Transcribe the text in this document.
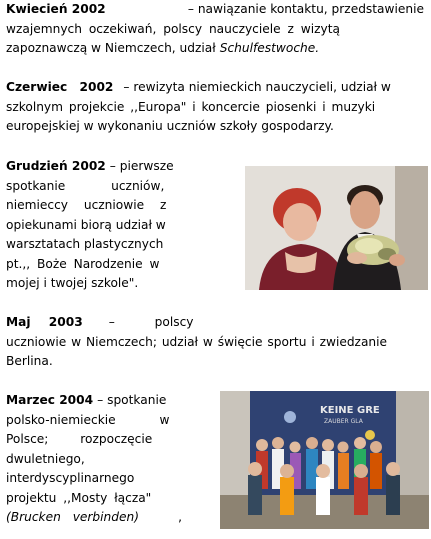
Kwiecień 2002	– nawiązanie kontaktu, przedstawienie
wzajemnych oczekiwań, polscy nauczyciele z wizytą
zapoznawczą w Niemczech, udział Schulfestwoche.
Czerwiec 2002 – rewizyta niemieckich nauczycieli, udział w
szkolnym projekcie ,,Europa" i koncercie piosenki i muzyki
europejskiej w wykonaniu uczniów szkoły gospodarzy.
Grudzień 2002 – pierwsze
spotkanie uczniów,
niemieccy uczniowie z
opiekunami biorą udział w
warsztatach plastycznych
pt.,, Boże Narodzenie w
mojej i twojej szkole".
Maj 2003 – polscy
uczniowie w Niemczech; udział w święcie sportu i zwiedzanie
Berlina.
Marzec 2004 – spotkanie
polsko-niemieckie w
Polsce; rozpoczęcie
dwuletniego,
interdyscyplinarnego
projektu ,,Mosty łącza"
(Brucken verbinden)	,
KEINE GRE
ZAUBER GLA
